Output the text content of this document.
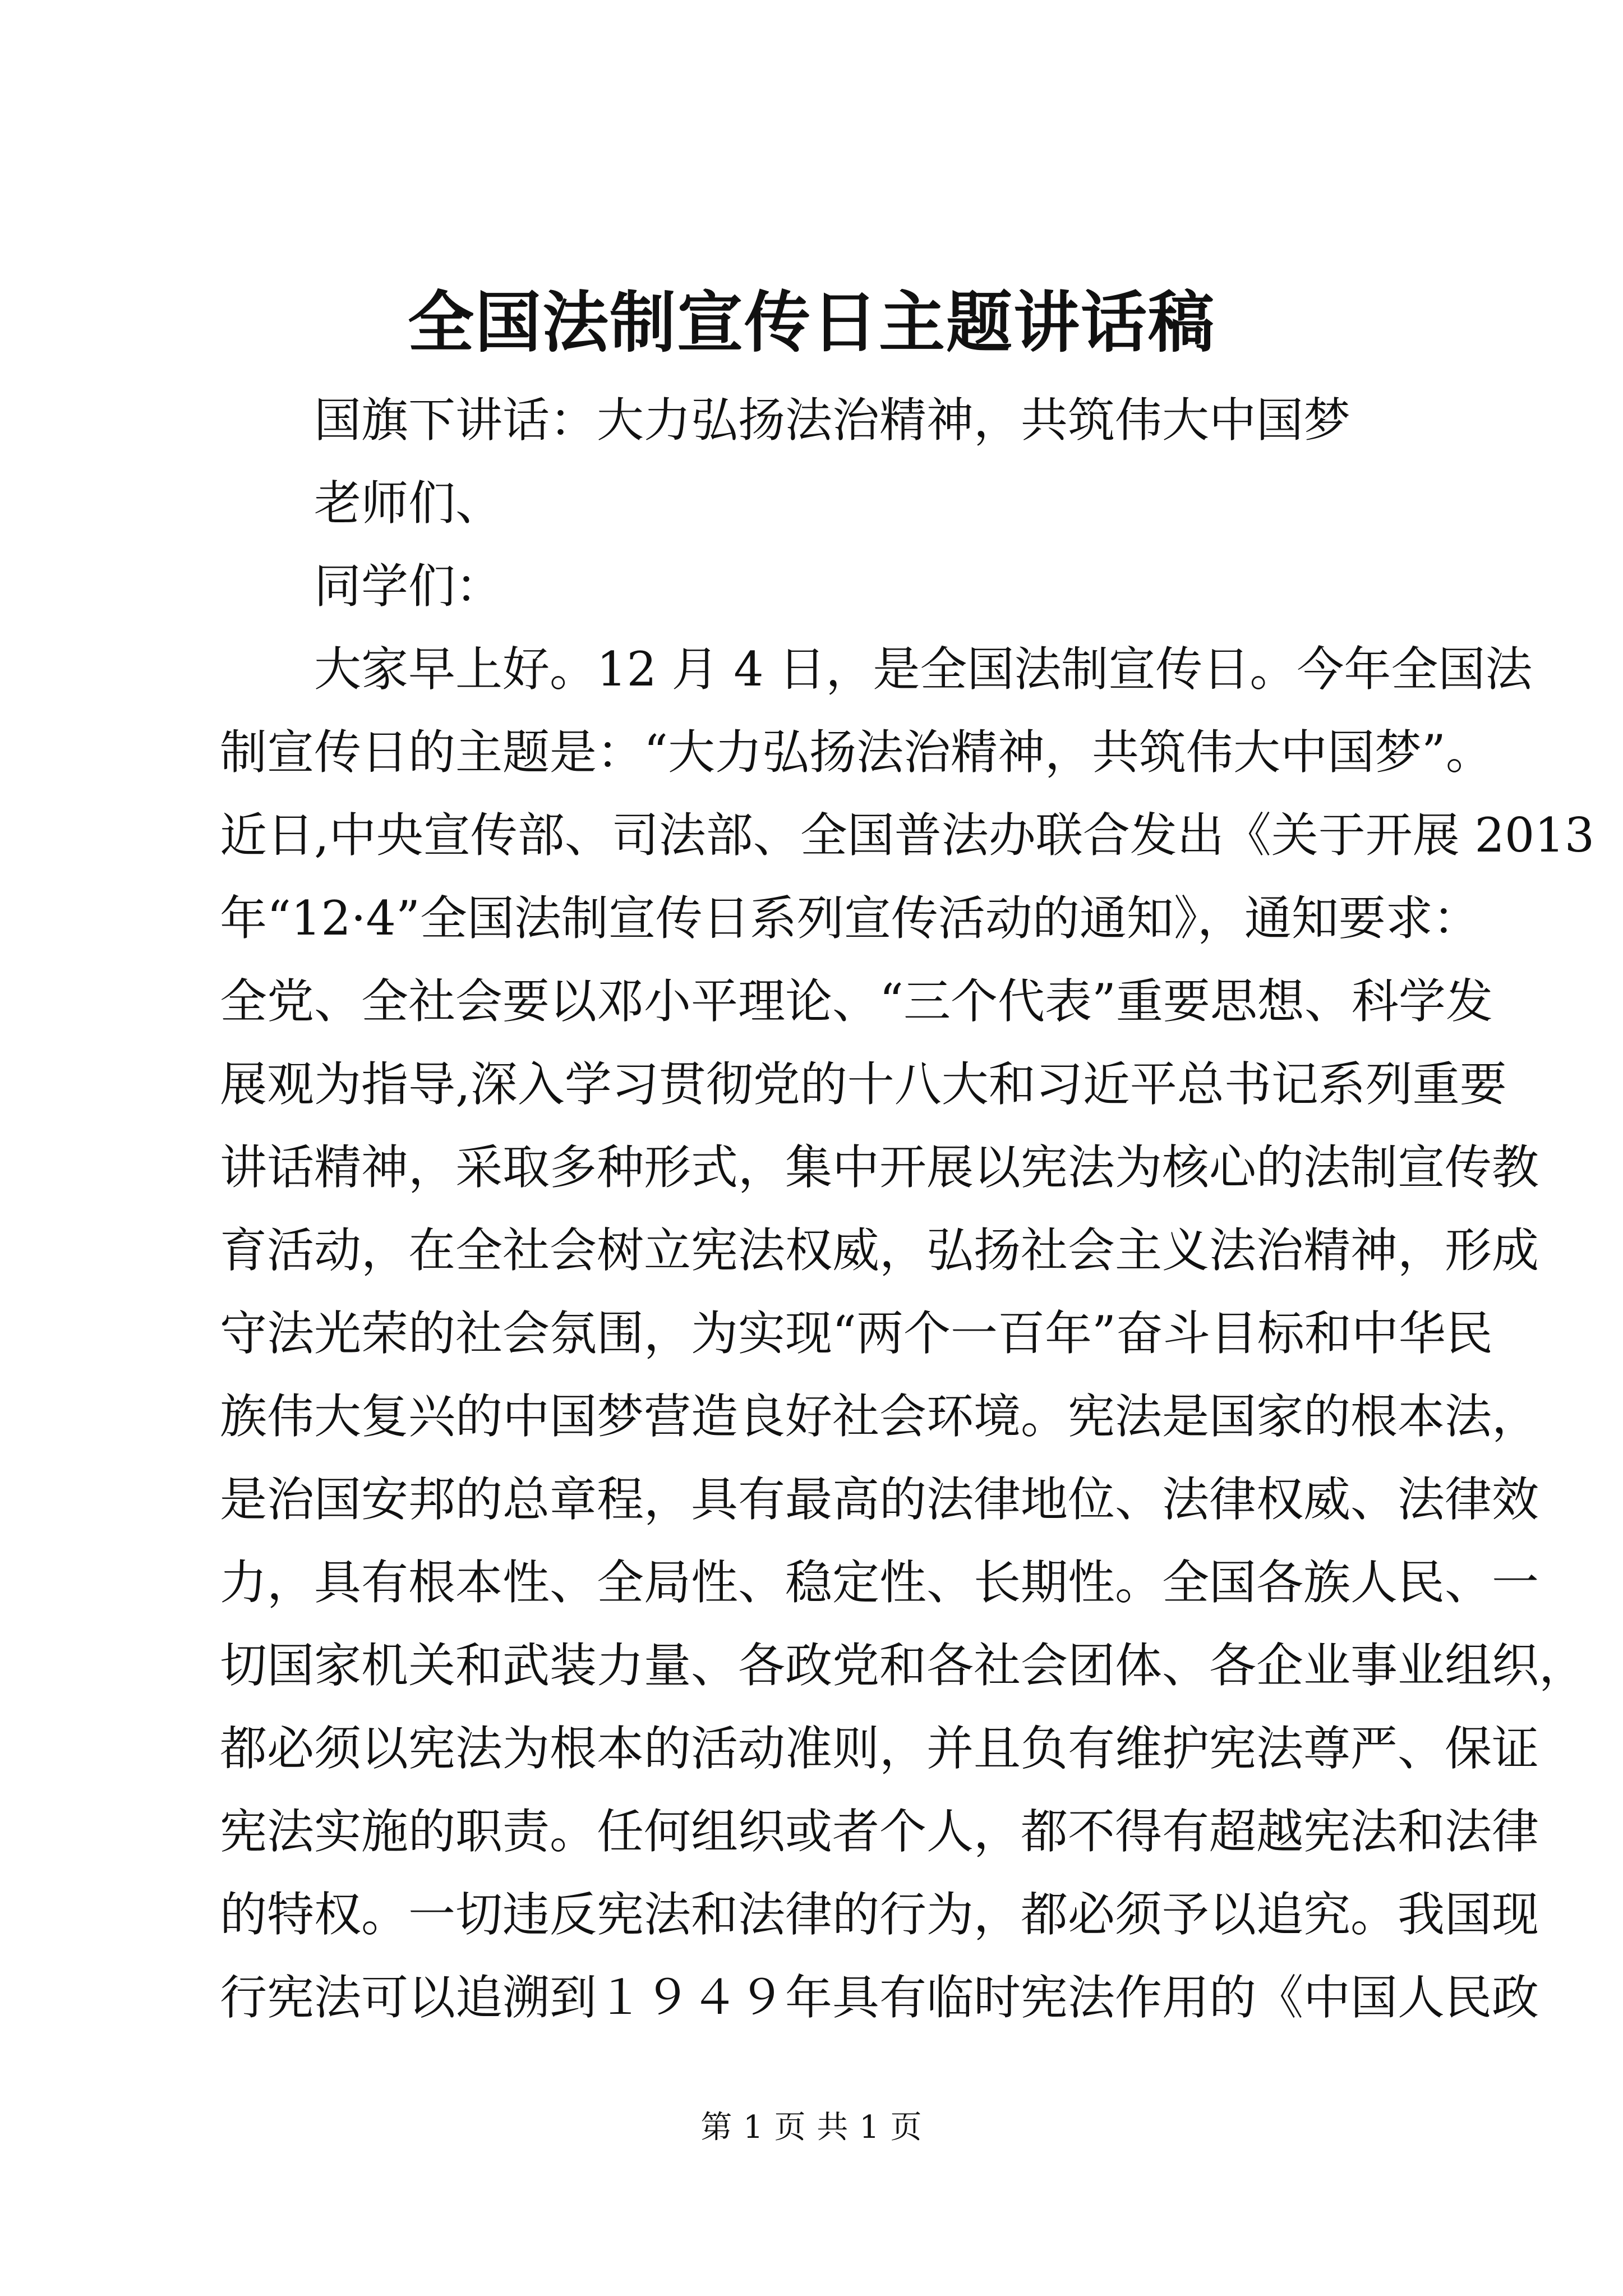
全国法制宣传日主题讲话稿
国旗下讲话：大力弘扬法治精神，共筑伟大中国梦
老师们、
同学们：
大家早上好。12 月 4 日，是全国法制宣传日。今年全国法
制宣传日的主题是：“大力弘扬法治精神，共筑伟大中国梦”。
近日,中央宣传部、司法部、全国普法办联合发出《关于开展 2013
年“12·4”全国法制宣传日系列宣传活动的通知》，通知要求：
全党、全社会要以邓小平理论、“三个代表”重要思想、科学发
展观为指导,深入学习贯彻党的十八大和习近平总书记系列重要
讲话精神，采取多种形式，集中开展以宪法为核心的法制宣传教
育活动，在全社会树立宪法权威，弘扬社会主义法治精神，形成
守法光荣的社会氛围，为实现“两个一百年”奋斗目标和中华民
族伟大复兴的中国梦营造良好社会环境。宪法是国家的根本法，
是治国安邦的总章程，具有最高的法律地位、法律权威、法律效
力，具有根本性、全局性、稳定性、长期性。全国各族人民、一
切国家机关和武装力量、各政党和各社会团体、各企业事业组织，
都必须以宪法为根本的活动准则，并且负有维护宪法尊严、保证
宪法实施的职责。任何组织或者个人，都不得有超越宪法和法律
的特权。一切违反宪法和法律的行为，都必须予以追究。我国现
行宪法可以追溯到１９４９年具有临时宪法作用的《中国人民政
第 1 页 共 1 页
